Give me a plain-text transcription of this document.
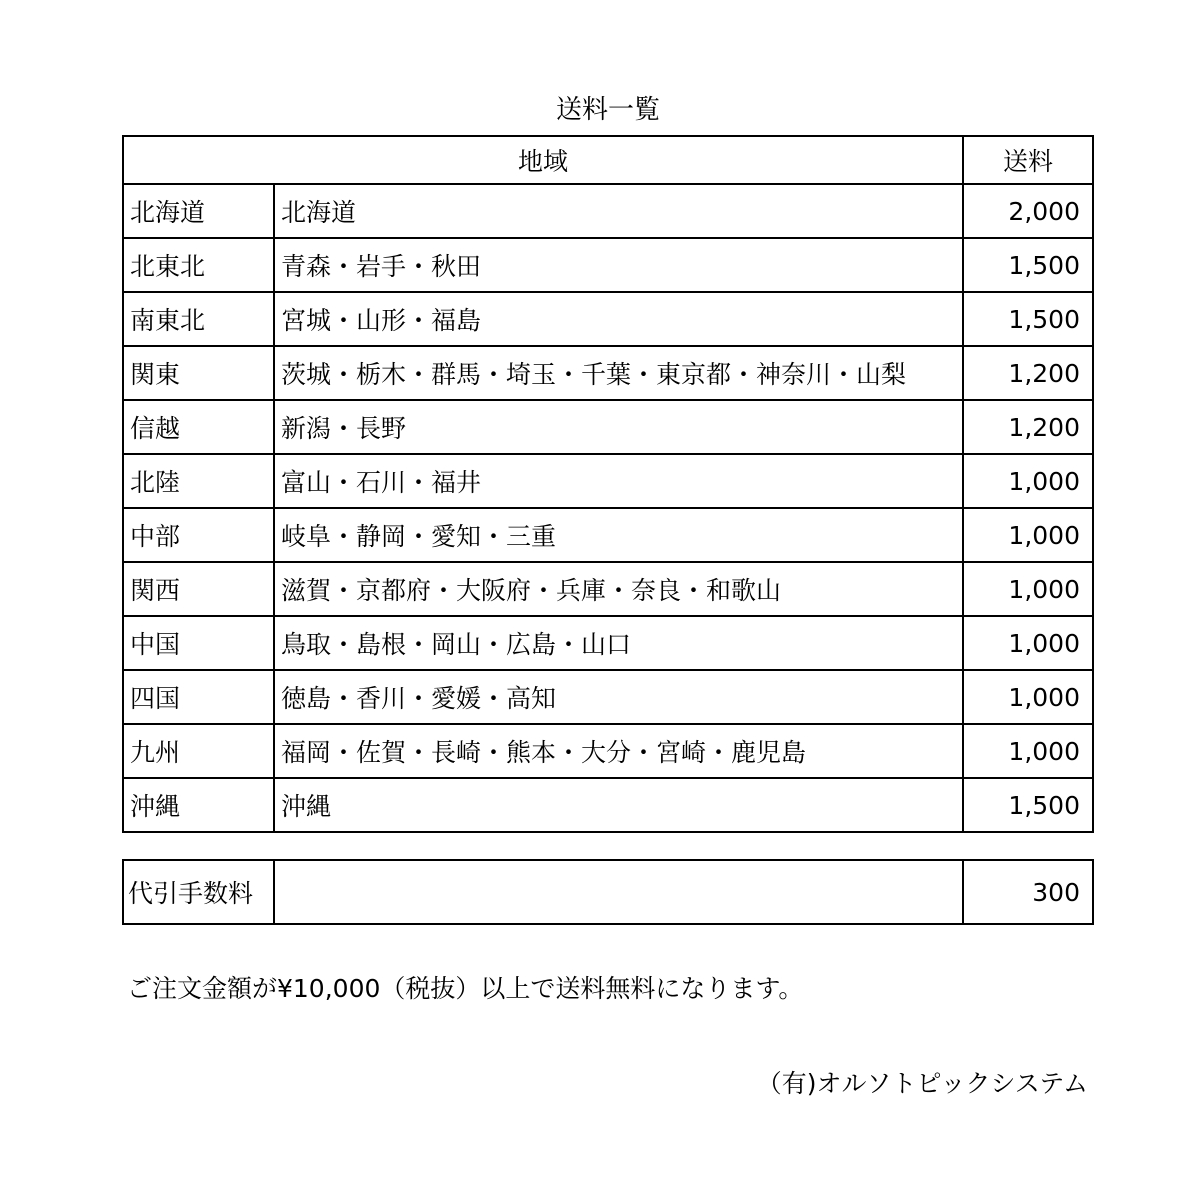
送料一覧
地域		送料
北海道	北海道	2,000
北東北	青森・岩手・秋田	1,500
南東北	宮城・山形・福島	1,500
関東	茨城・栃木・群馬・埼玉・千葉・東京都・神奈川・山梨	1,200
信越	新潟・長野	1,200
北陸	富山・石川・福井	1,000
中部	岐阜・静岡・愛知・三重	1,000
関西	滋賀・京都府・大阪府・兵庫・奈良・和歌山	1,000
中国	鳥取・島根・岡山・広島・山口	1,000
四国	徳島・香川・愛媛・高知	1,000
九州	福岡・佐賀・長崎・熊本・大分・宮崎・鹿児島	1,000
沖縄	沖縄	1,500
代引手数料		300
ご注文金額が¥10,000（税抜）以上で送料無料になります。
（有)オルソトピックシステム
